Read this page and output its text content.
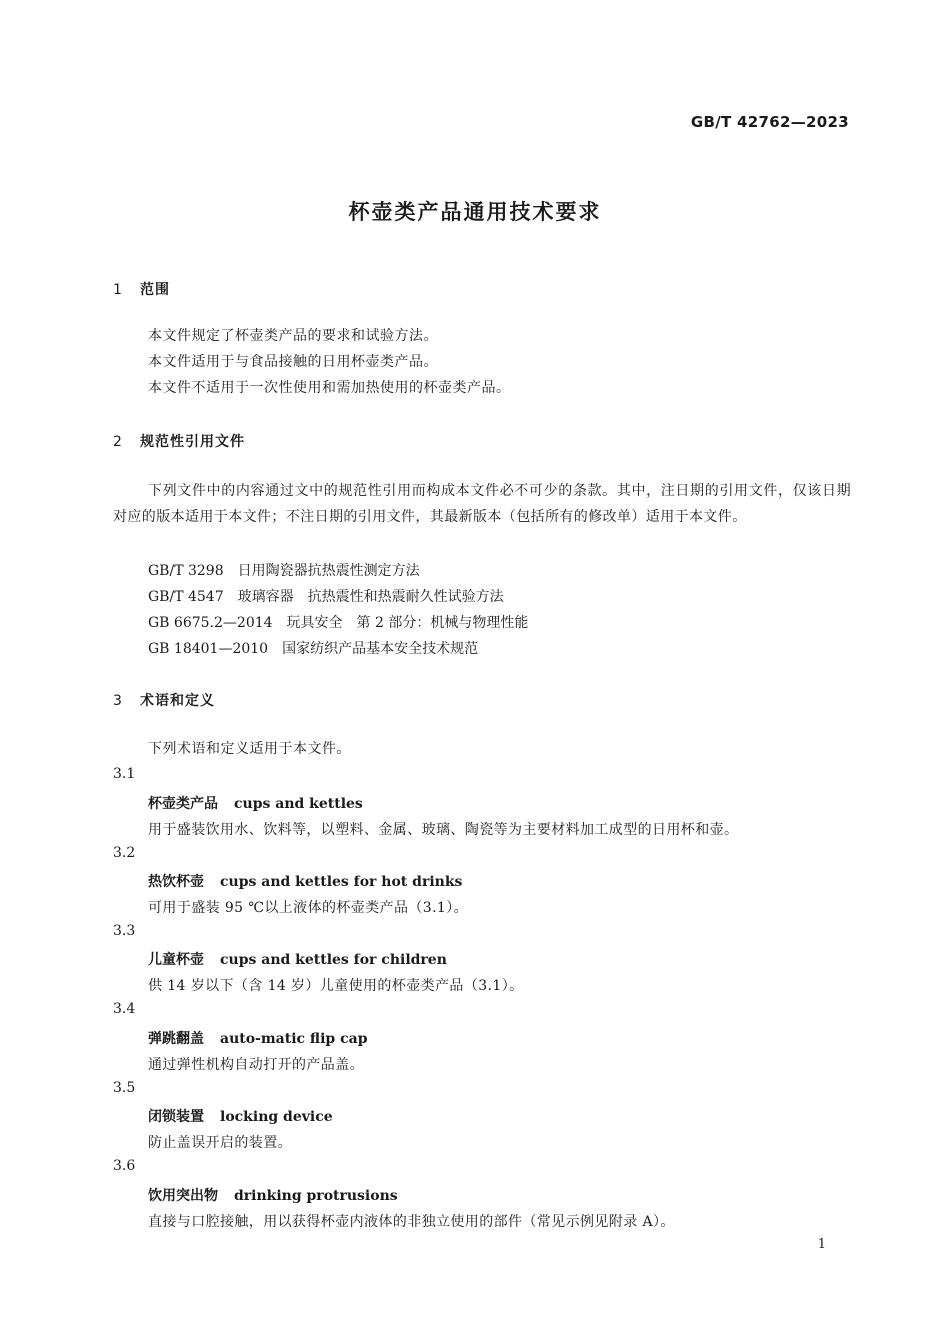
GB/T 42762—2023
杯壶类产品通用技术要求
1 范围
本文件规定了杯壶类产品的要求和试验方法。
本文件适用于与食品接触的日用杯壶类产品。
本文件不适用于一次性使用和需加热使用的杯壶类产品。
2 规范性引用文件
下列文件中的内容通过文中的规范性引用而构成本文件必不可少的条款。其中，注日期的引用文件，仅该日期对应的版本适用于本文件；不注日期的引用文件，其最新版本（包括所有的修改单）适用于本文件。
GB/T 3298 日用陶瓷器抗热震性测定方法
GB/T 4547 玻璃容器　抗热震性和热震耐久性试验方法
GB 6675.2—2014 玩具安全　第 2 部分：机械与物理性能
GB 18401—2010 国家纺织产品基本安全技术规范
3 术语和定义
下列术语和定义适用于本文件。
3.1
杯壶类产品 cups and kettles
用于盛装饮用水、饮料等，以塑料、金属、玻璃、陶瓷等为主要材料加工成型的日用杯和壶。
3.2
热饮杯壶 cups and kettles for hot drinks
可用于盛装 95 ℃以上液体的杯壶类产品（3.1）。
3.3
儿童杯壶 cups and kettles for children
供 14 岁以下（含 14 岁）儿童使用的杯壶类产品（3.1）。
3.4
弹跳翻盖 auto-matic flip cap
通过弹性机构自动打开的产品盖。
3.5
闭锁装置 locking device
防止盖误开启的装置。
3.6
饮用突出物 drinking protrusions
直接与口腔接触，用以获得杯壶内液体的非独立使用的部件（常见示例见附录 A）。
1
